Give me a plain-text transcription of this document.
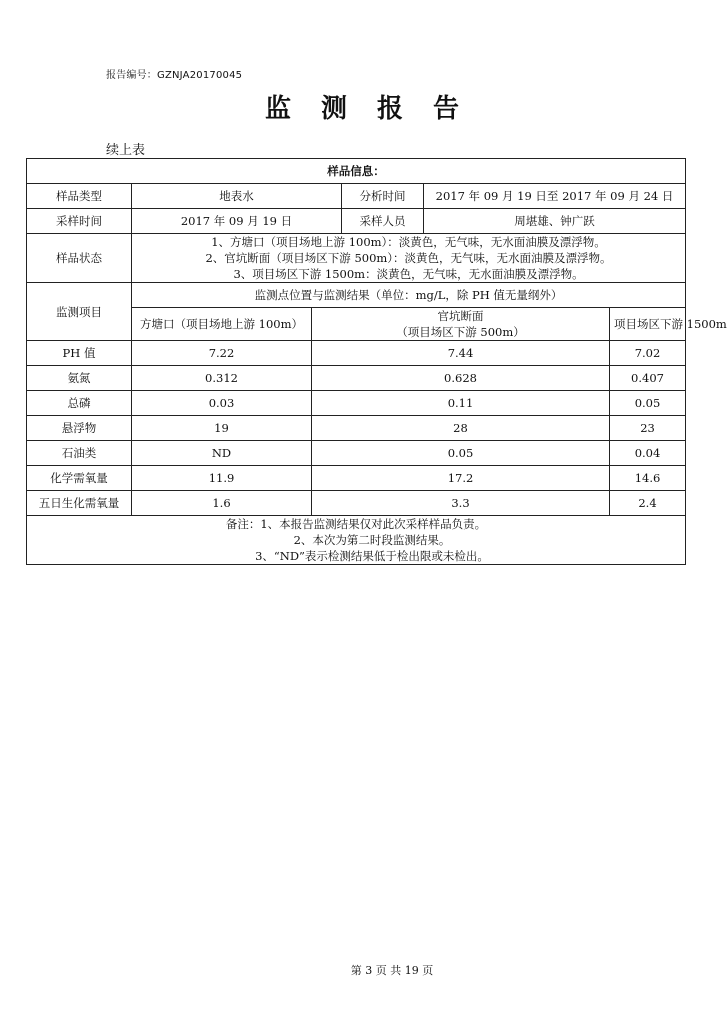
报告编号：GZNJA20170045
监测报告
续上表
样品信息：					
样品类型	地表水		分析时间	2017 年 09 月 19 日至 2017 年 09 月 24 日	
采样时间	2017 年 09 月 19 日		采样人员	周堪雄、钟广跃	
样品状态	1、方塘口（项目场地上游 100m）：淡黄色，无气味，无水面油膜及漂浮物。
2、官坑断面（项目场区下游 500m）：淡黄色，无气味，无水面油膜及漂浮物。
3、项目场区下游 1500m：淡黄色，无气味，无水面油膜及漂浮物。				

监测项目	监测点位置与监测结果（单位：mg/L，除 PH 值无量纲外）				
	方塘口（项目场地上游 100m）	官坑断面
（项目场区下游 500m）			项目场区下游 1500m
PH 值	7.22	7.44			7.02
氨氮	0.312	0.628			0.407
总磷	0.03	0.11			0.05
悬浮物	19	28			23
石油类	ND	0.05			0.04
化学需氧量	11.9	17.2			14.6
五日生化需氧量	1.6	3.3			2.4

备注：1、本报告监测结果仅对此次采样样品负责。
2、本次为第二时段监测结果。
3、“ND”表示检测结果低于检出限或未检出。					
第 3 页 共 19 页
